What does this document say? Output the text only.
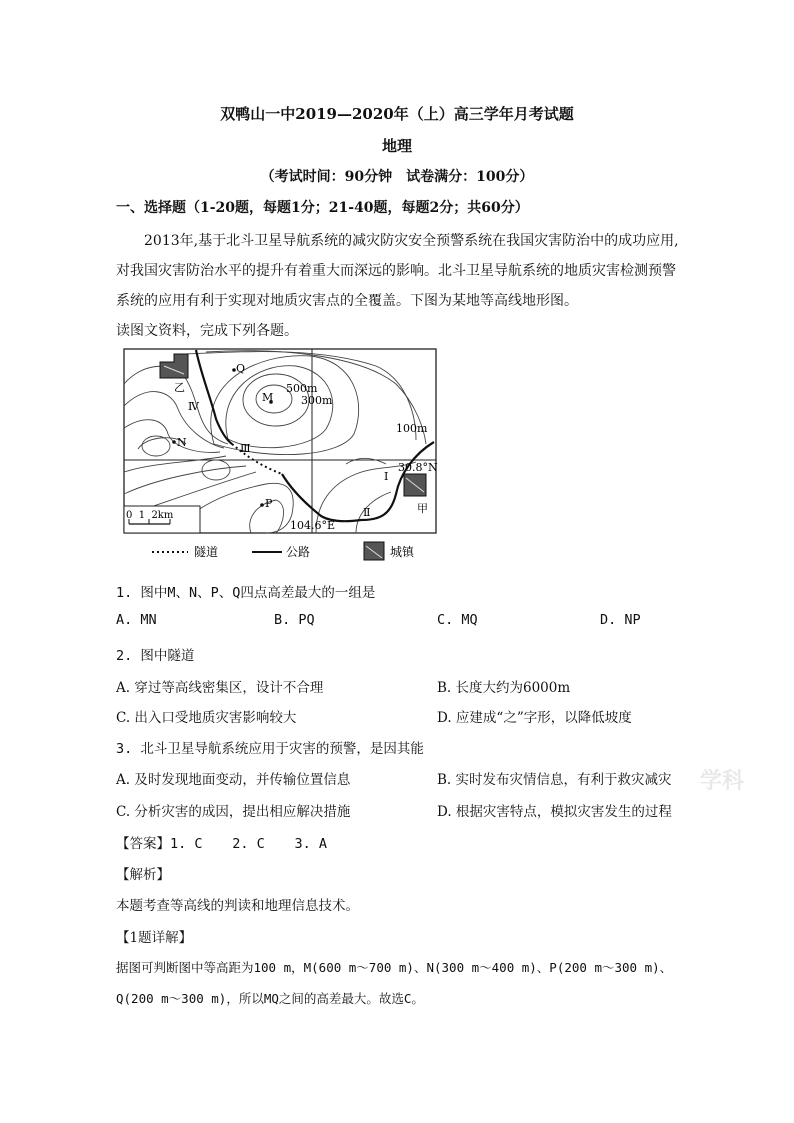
双鸭山一中2019—2020年（上）高三学年月考试题
地理
（考试时间：90分钟　试卷满分：100分）
一、选择题（1-20题，每题1分；21-40题，每题2分；共60分）
2013年,基于北斗卫星导航系统的减灾防灾安全预警系统在我国灾害防治中的成功应用,
对我国灾害防治水平的提升有着重大而深远的影响。北斗卫星导航系统的地质灾害检测预警
系统的应用有利于实现对地质灾害点的全覆盖。下图为某地等高线地形图。
读图文资料，完成下列各题。
乙
甲
Q
M
N
P
500m
300m
100m
Ⅳ
Ⅲ
Ⅱ
Ⅰ
30.8°N
104.6°E
0  1  2km
隧道	公路	城镇
1. 图中M、N、P、Q四点高差最大的一组是
A. MN	B. PQ	C. MQ	D. NP
2. 图中隧道
A. 穿过等高线密集区，设计不合理	B. 长度大约为6000m
C. 出入口受地质灾害影响较大	D. 应建成“之”字形，以降低坡度
3. 北斗卫星导航系统应用于灾害的预警，是因其能
A. 及时发现地面变动，并传输位置信息	B. 实时发布灾情信息，有利于救灾减灾
C. 分析灾害的成因，提出相应解决措施	D. 根据灾害特点，模拟灾害发生的过程
学科
【答案】1. C　  2. C　  3. A
【解析】
本题考查等高线的判读和地理信息技术。
【1题详解】
据图可判断图中等高距为100 m，M(600 m～700 m)、N(300 m～400 m)、P(200 m～300 m)、
Q(200 m～300 m)，所以MQ之间的高差最大。故选C。
